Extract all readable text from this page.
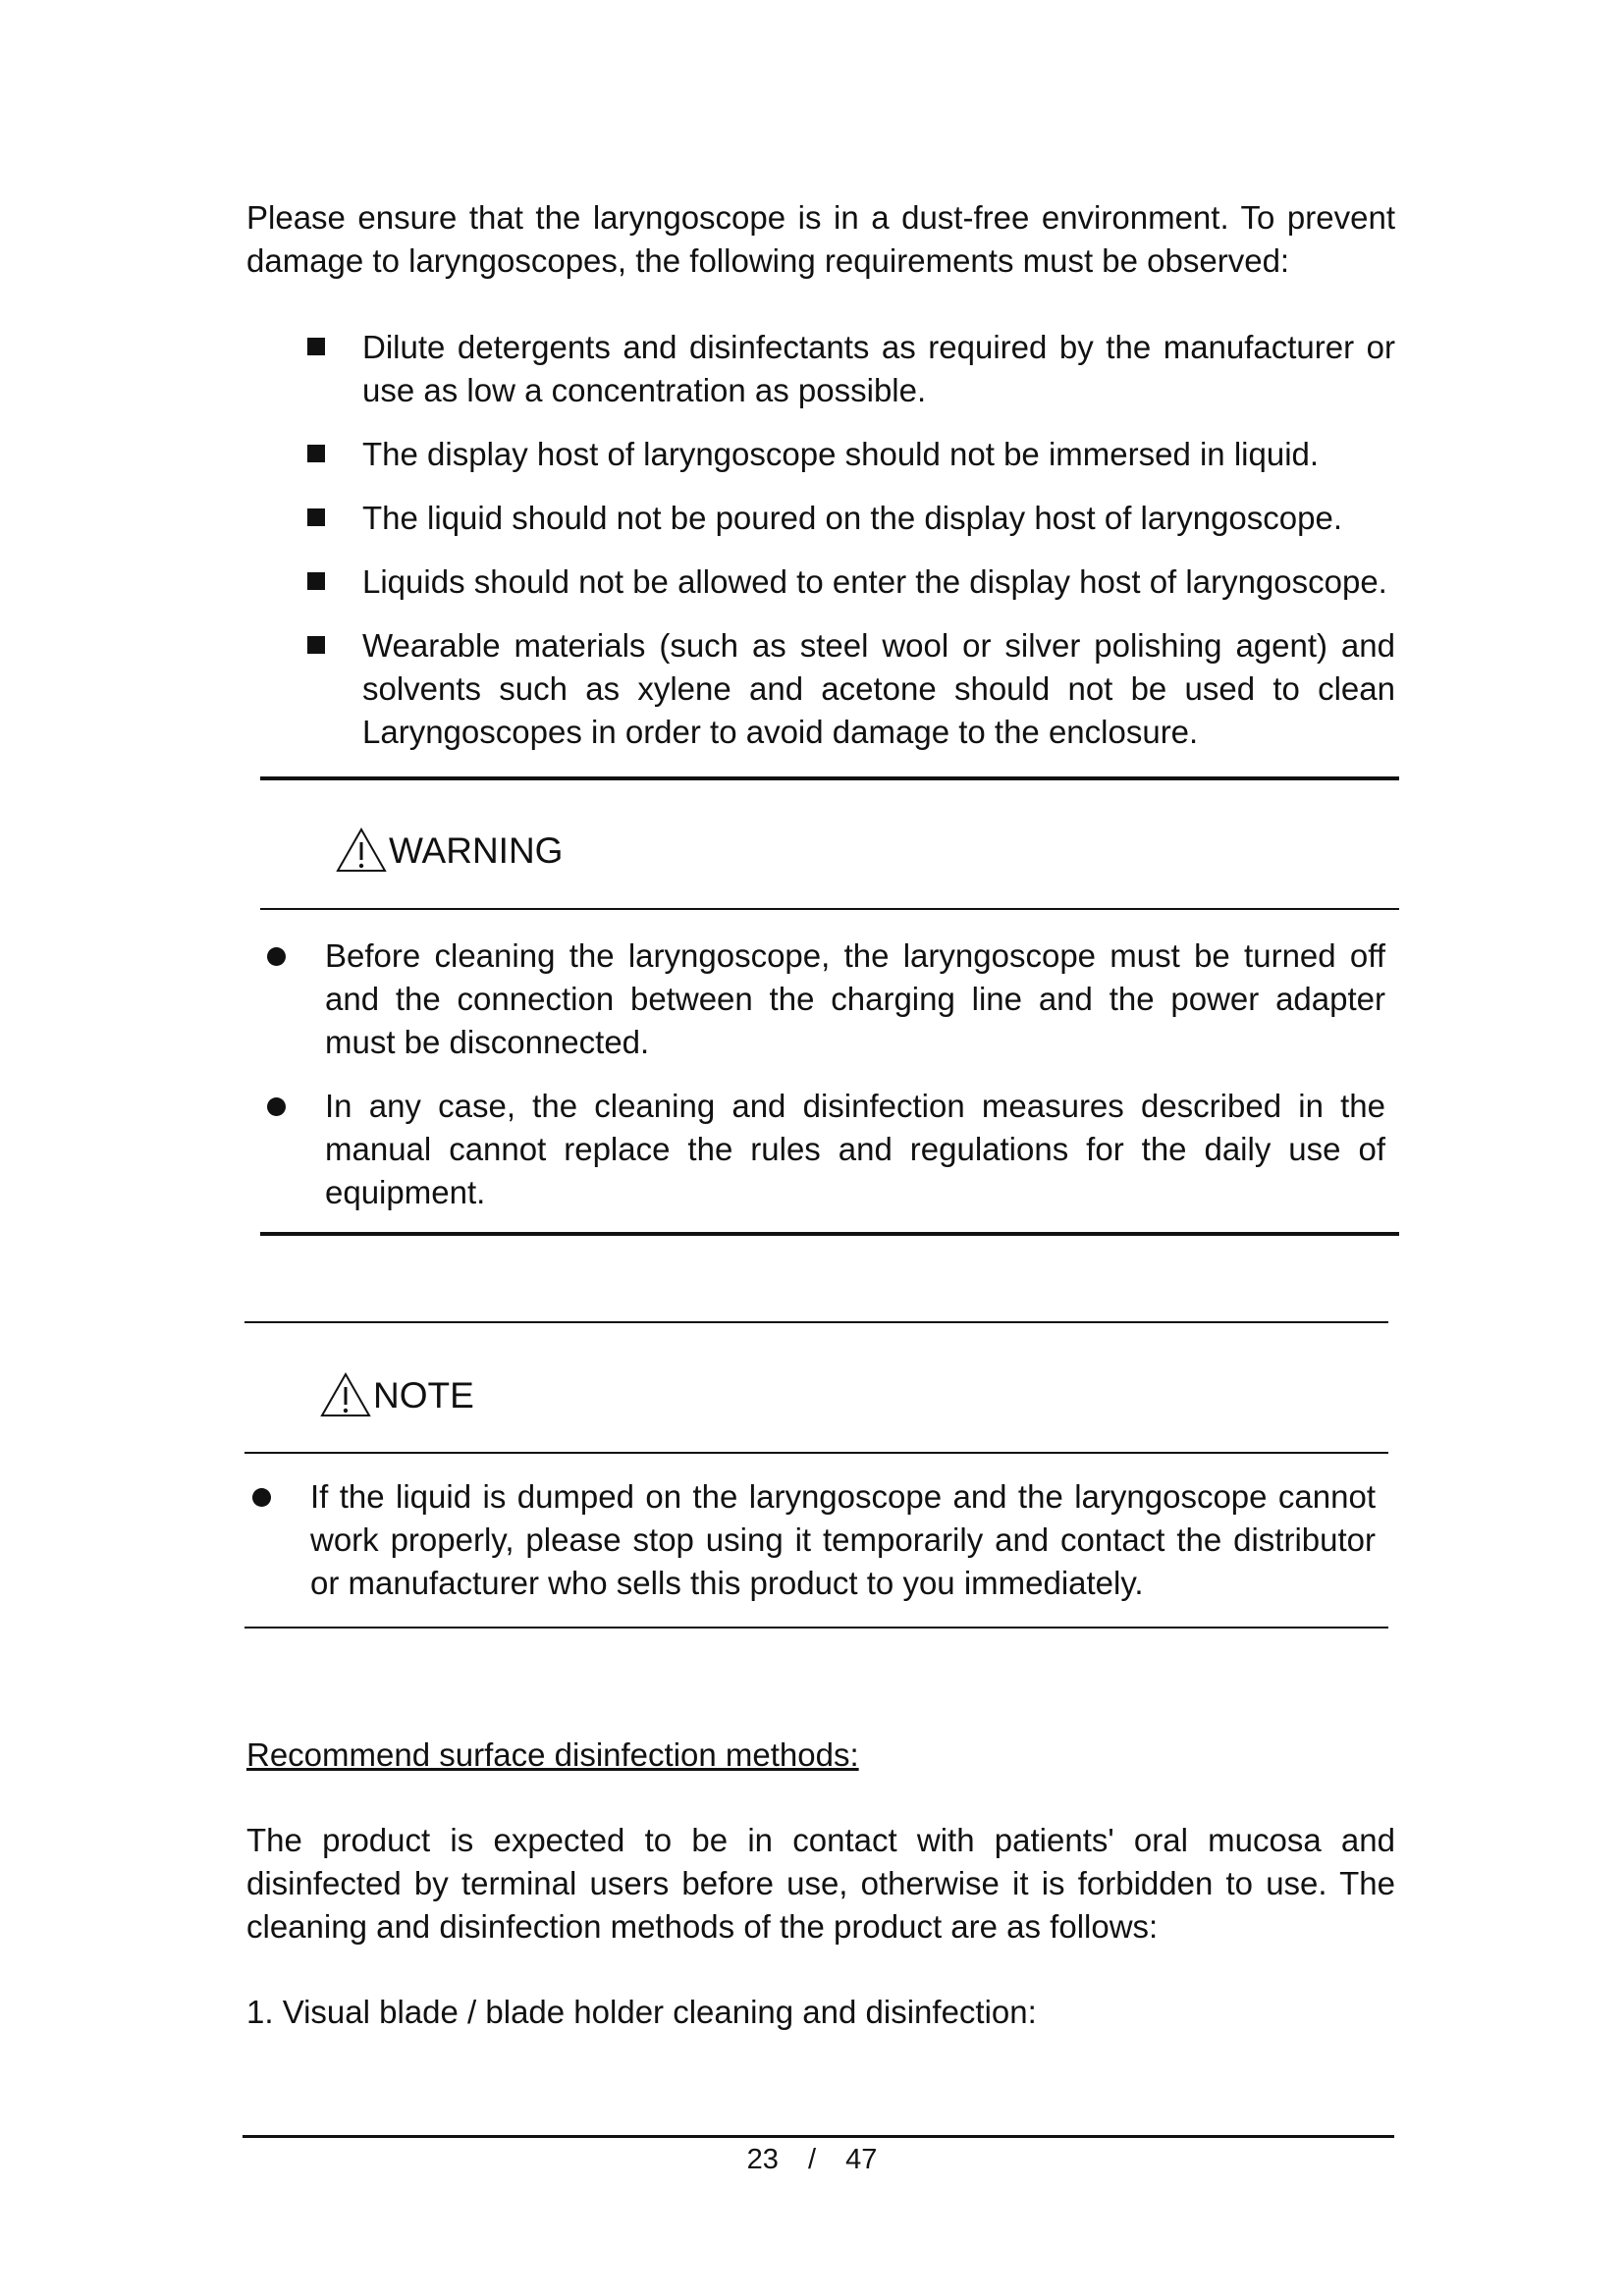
Please ensure that the laryngoscope is in a dust-free environment. To prevent damage to laryngoscopes, the following requirements must be observed:

Dilute detergents and disinfectants as required by the manufacturer or use as low a concentration as possible.
The display host of laryngoscope should not be immersed in liquid.
The liquid should not be poured on the display host of laryngoscope.
Liquids should not be allowed to enter the display host of laryngoscope.
Wearable materials (such as steel wool or silver polishing agent) and solvents such as xylene and acetone should not be used to clean Laryngoscopes in order to avoid damage to the enclosure.
WARNING
Before cleaning the laryngoscope, the laryngoscope must be turned off and the connection between the charging line and the power adapter must be disconnected.
In any case, the cleaning and disinfection measures described in the manual cannot replace the rules and regulations for the daily use of equipment.
NOTE
If the liquid is dumped on the laryngoscope and the laryngoscope cannot work properly, please stop using it temporarily and contact the distributor or manufacturer who sells this product to you immediately.

Recommend surface disinfection methods:

The product is expected to be in contact with patients' oral mucosa and disinfected by terminal users before use, otherwise it is forbidden to use. The cleaning and disinfection methods of the product are as follows:

1. Visual blade / blade holder cleaning and disinfection:

23 / 47
